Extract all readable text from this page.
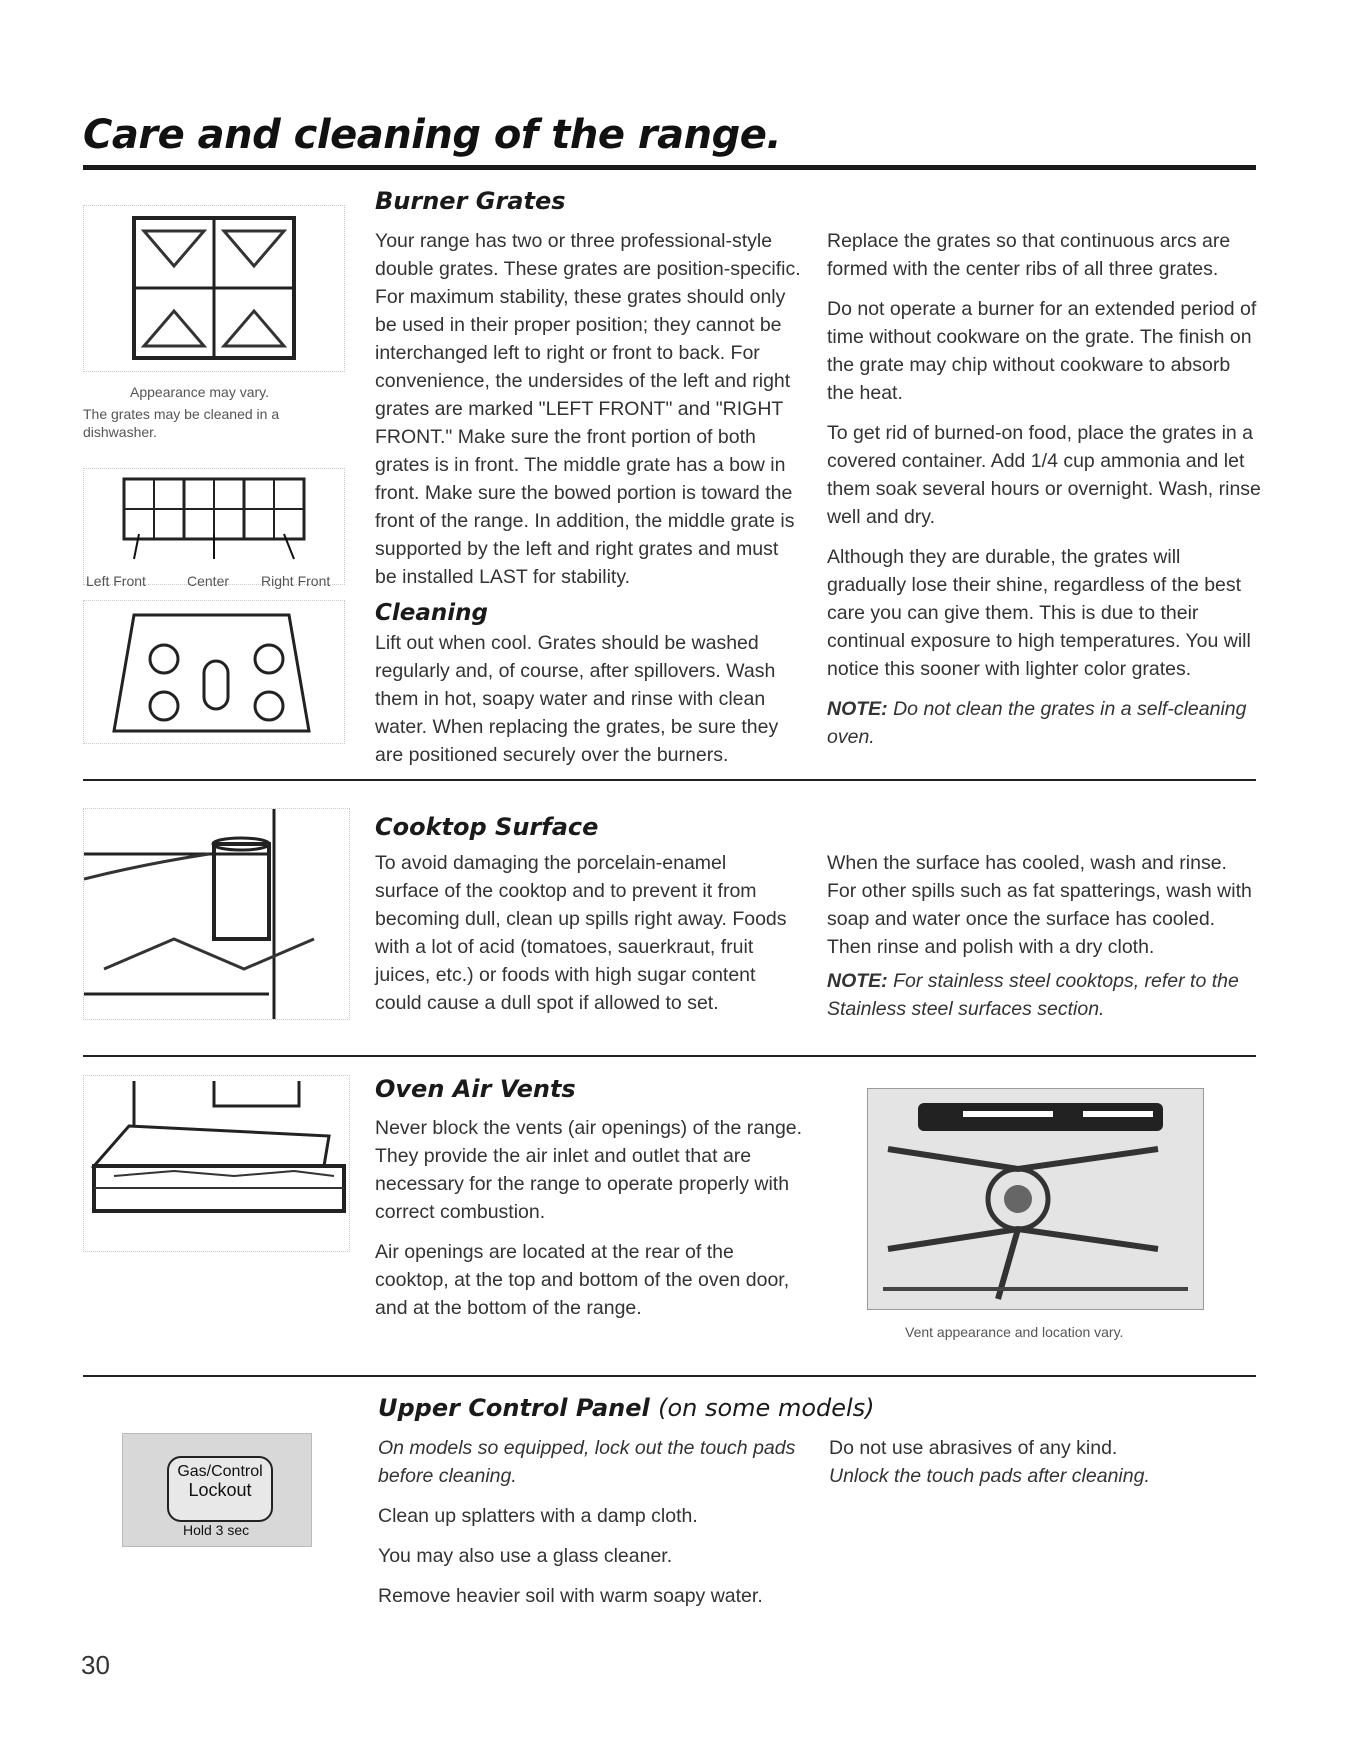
Care and cleaning of the range.
Appearance may vary.
The grates may be cleaned in a dishwasher.
Left Front	Center Right Front
Burner Grates

Your range has two or three professional-style double grates. These grates are position-specific. For maximum stability, these grates should only be used in their proper position; they cannot be interchanged left to right or front to back. For convenience, the undersides of the left and right grates are marked "LEFT FRONT" and "RIGHT FRONT." Make sure the front portion of both grates is in front. The middle grate has a bow in front. Make sure the bowed portion is toward the front of the range. In addition, the middle grate is supported by the left and right grates and must be installed LAST for stability.

Cleaning

Lift out when cool. Grates should be washed regularly and, of course, after spillovers. Wash them in hot, soapy water and rinse with clean water. When replacing the grates, be sure they are positioned securely over the burners.

Replace the grates so that continuous arcs are formed with the center ribs of all three grates.

Do not operate a burner for an extended period of time without cookware on the grate. The finish on the grate may chip without cookware to absorb the heat.

To get rid of burned-on food, place the grates in a covered container. Add 1/4 cup ammonia and let them soak several hours or overnight. Wash, rinse well and dry.

Although they are durable, the grates will gradually lose their shine, regardless of the best care you can give them. This is due to their continual exposure to high temperatures. You will notice this sooner with lighter color grates.

NOTE: Do not clean the grates in a self-cleaning oven.

Cooktop Surface
To avoid damaging the porcelain-enamel surface of the cooktop and to prevent it from becoming dull, clean up spills right away. Foods with a lot of acid (tomatoes, sauerkraut, fruit juices, etc.) or foods with high sugar content could cause a dull spot if allowed to set.

When the surface has cooled, wash and rinse. For other spills such as fat spatterings, wash with soap and water once the surface has cooled. Then rinse and polish with a dry cloth.

NOTE: For stainless steel cooktops, refer to the Stainless steel surfaces section.

Oven Air Vents

Never block the vents (air openings) of the range. They provide the air inlet and outlet that are necessary for the range to operate properly with correct combustion.

Air openings are located at the rear of the cooktop, at the top and bottom of the oven door, and at the bottom of the range.

Vent appearance and location vary.
Gas/Control
Lockout
Hold 3 sec
Upper Control Panel (on some models)

On models so equipped, lock out the touch pads before cleaning.

Clean up splatters with a damp cloth.

You may also use a glass cleaner.

Remove heavier soil with warm soapy water.

Do not use abrasives of any kind.

Unlock the touch pads after cleaning.

30
